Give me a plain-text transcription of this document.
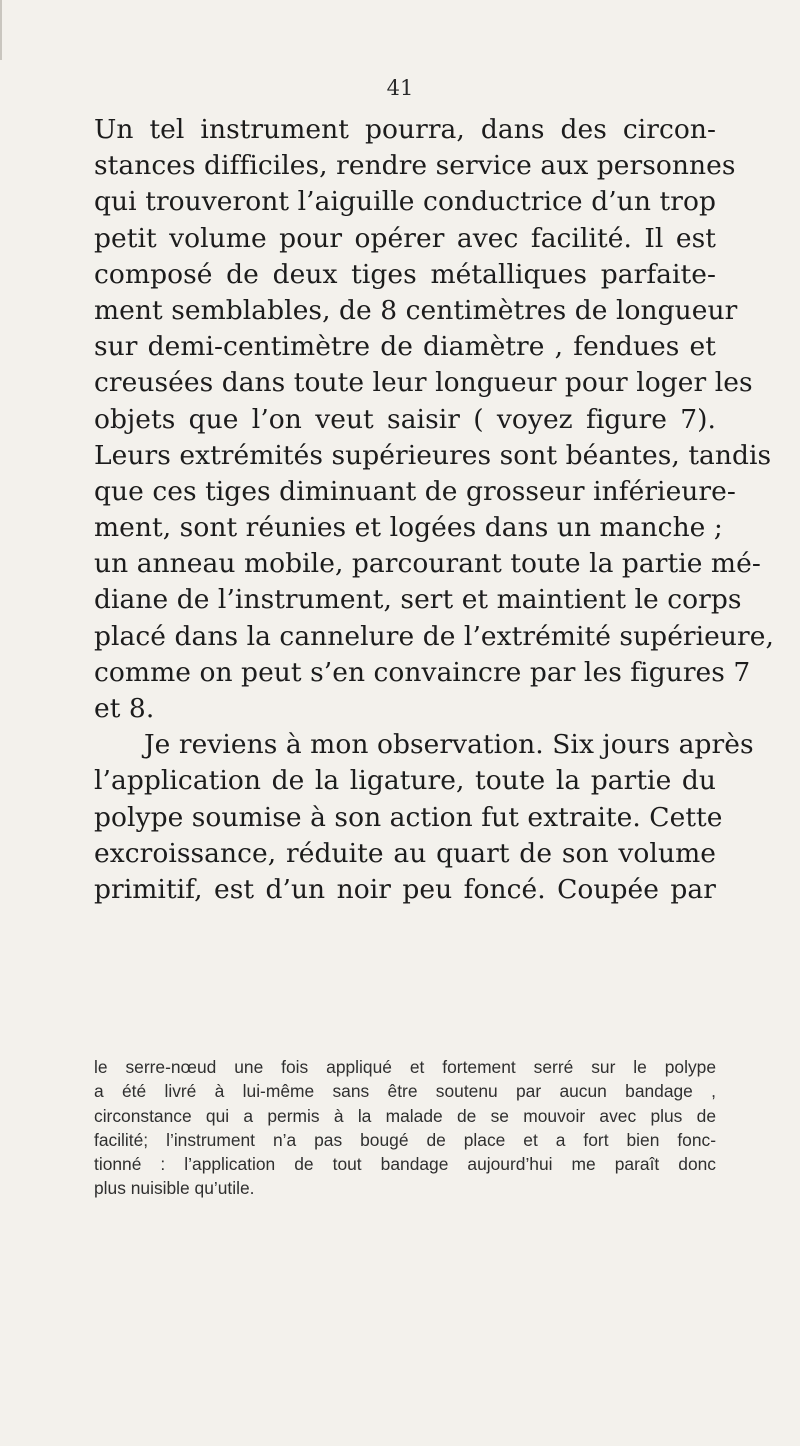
41
Un tel instrument pourra, dans des circon-
stances difficiles, rendre service aux personnes
qui trouveront l’aiguille conductrice d’un trop
petit volume pour opérer avec facilité. Il est
composé de deux tiges métalliques parfaite-
ment semblables, de 8 centimètres de longueur
sur demi-centimètre de diamètre , fendues et
creusées dans toute leur longueur pour loger les
objets que l’on veut saisir ( voyez figure 7).
Leurs extrémités supérieures sont béantes, tandis
que ces tiges diminuant de grosseur inférieure-
ment, sont réunies et logées dans un manche ;
un anneau mobile, parcourant toute la partie mé-
diane de l’instrument, sert et maintient le corps
placé dans la cannelure de l’extrémité supérieure,
comme on peut s’en convaincre par les figures 7
et 8.
Je reviens à mon observation. Six jours après
l’application de la ligature, toute la partie du
polype soumise à son action fut extraite. Cette
excroissance, réduite au quart de son volume
primitif, est d’un noir peu foncé. Coupée par
le serre-nœud une fois appliqué et fortement serré sur le polype
a été livré à lui-même sans être soutenu par aucun bandage ,
circonstance qui a permis à la malade de se mouvoir avec plus de
facilité; l’instrument n’a pas bougé de place et a fort bien fonc-
tionné : l’application de tout bandage aujourd’hui me paraît donc
plus nuisible qu’utile.
